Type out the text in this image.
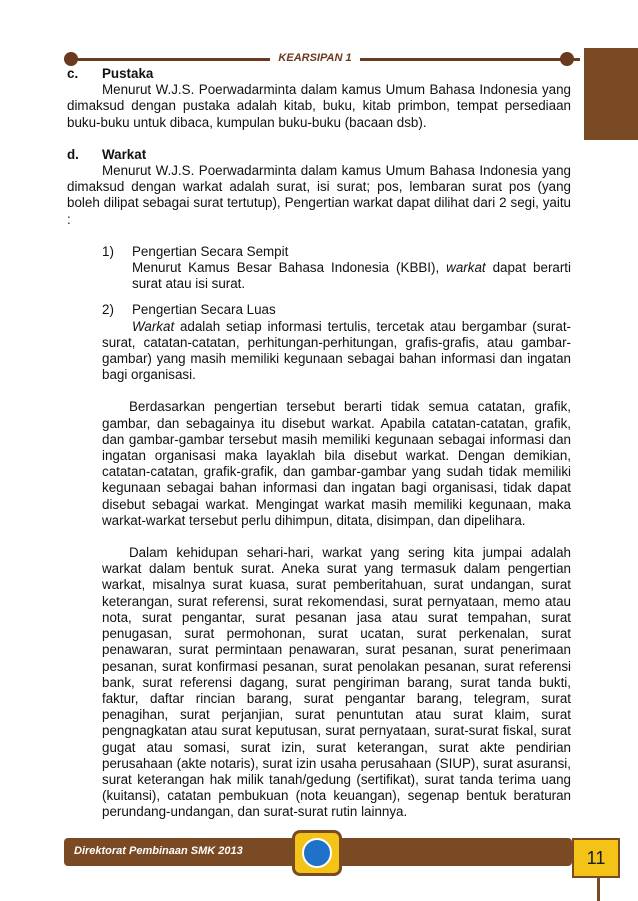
KEARSIPAN 1
c.	Pustaka

Menurut W.J.S. Poerwadarminta dalam kamus Umum Bahasa Indonesia yang dimaksud dengan pustaka adalah kitab, buku, kitab primbon, tempat persediaan buku-buku untuk dibaca, kumpulan buku-buku (bacaan dsb).

d.	Warkat

Menurut W.J.S. Poerwadarminta dalam kamus Umum Bahasa Indonesia yang dimaksud dengan warkat adalah surat, isi surat; pos, lembaran surat pos (yang boleh dilipat sebagai surat tertutup), Pengertian warkat dapat dilihat dari 2 segi, yaitu :

1)	Pengertian Secara Sempit

Menurut Kamus Besar Bahasa Indonesia (KBBI), warkat dapat berarti surat atau isi surat.

2)	Pengertian Secara Luas

Warkat adalah setiap informasi tertulis, tercetak atau bergambar (surat-surat, catatan-catatan, perhitungan-perhitungan, grafis-grafis, atau gambar-gambar) yang masih memiliki kegunaan sebagai bahan informasi dan ingatan bagi organisasi.

Berdasarkan pengertian tersebut berarti tidak semua catatan, grafik, gambar, dan sebagainya itu disebut warkat. Apabila catatan-catatan, grafik, dan gambar-gambar tersebut masih memiliki kegunaan sebagai informasi dan ingatan organisasi maka layaklah bila disebut warkat. Dengan demikian, catatan-catatan, grafik-grafik, dan gambar-gambar yang sudah tidak memiliki kegunaan sebagai bahan informasi dan ingatan bagi organisasi, tidak dapat disebut sebagai warkat. Mengingat warkat masih memiliki kegunaan, maka warkat-warkat tersebut perlu dihimpun, ditata, disimpan, dan dipelihara.

Dalam kehidupan sehari-hari, warkat yang sering kita jumpai adalah warkat dalam bentuk surat. Aneka surat yang termasuk dalam pengertian warkat, misalnya surat kuasa, surat pemberitahuan, surat undangan, surat keterangan, surat referensi, surat rekomendasi, surat pernyataan, memo atau nota, surat pengantar, surat pesanan jasa atau surat tempahan, surat penugasan, surat permohonan, surat ucatan, surat perkenalan, surat penawaran, surat permintaan penawaran, surat pesanan, surat penerimaan pesanan, surat konfirmasi pesanan, surat penolakan pesanan, surat referensi bank, surat referensi dagang, surat pengiriman barang, surat tanda bukti, faktur, daftar rincian barang, surat pengantar barang, telegram, surat penagihan, surat perjanjian, surat penuntutan atau surat klaim, surat pengnagkatan atau surat keputusan, surat pernyataan, surat-surat fiskal, surat gugat atau somasi, surat izin, surat keterangan, surat akte pendirian perusahaan (akte notaris), surat izin usaha perusahaan (SIUP), surat asuransi, surat keterangan hak milik tanah/gedung (sertifikat), surat tanda terima uang (kuitansi), catatan pembukuan (nota keuangan), segenap bentuk beraturan perundang-undangan, dan surat-surat rutin lainnya.

Direktorat Pembinaan SMK 2013	11
